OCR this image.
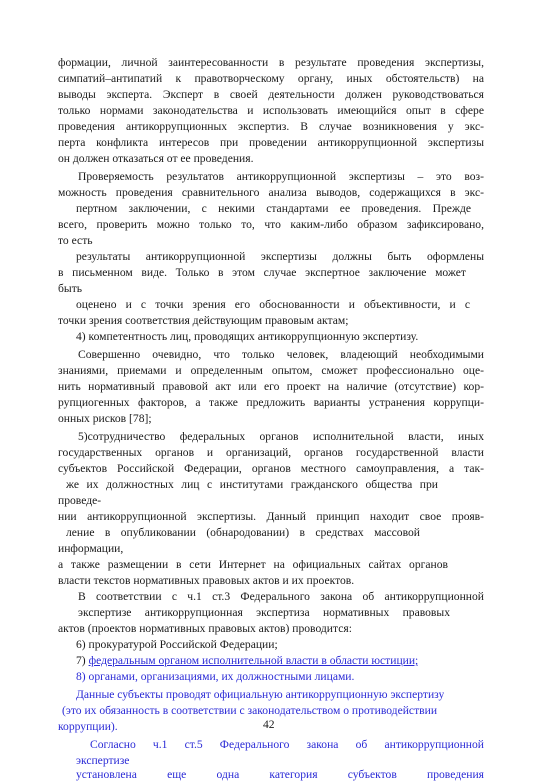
формации, личной заинтересованности в результате проведения экспертизы,
симпатий–антипатий к правотворческому органу, иных обстоятельств) на
выводы эксперта. Эксперт в своей деятельности должен руководствоваться
только нормами законодательства и использовать имеющийся опыт в сфере
проведения антикоррупционных экспертиз. В случае возникновения у экс-
перта конфликта интересов при проведении антикоррупционной экспертизы
он должен отказаться от ее проведения.
Проверяемость результатов антикоррупционной экспертизы – это воз-
можность проведения сравнительного анализа выводов, содержащихся в экс-
пертном заключении, с некими стандартами ее проведения. Прежде
всего, проверить можно только то, что каким-либо образом зафиксировано,
то есть
результаты антикоррупционной экспертизы должны быть оформлены
в письменном виде. Только в этом случае экспертное заключение может
быть
оценено и с точки зрения его обоснованности и объективности, и с
точки зрения соответствия действующим правовым актам;
4) компетентность лиц, проводящих антикоррупционную экспертизу.
Совершенно очевидно, что только человек, владеющий необходимыми
знаниями, приемами и определенным опытом, сможет профессионально оце-
нить нормативный правовой акт или его проект на наличие (отсутствие) кор-
рупциогенных факторов, а также предложить варианты устранения коррупци-
онных рисков [78];
5)сотрудничество федеральных органов исполнительной власти, иных
государственных органов и организаций, органов государственной власти
субъектов Российской Федерации, органов местного самоуправления, а так-
же их должностных лиц с институтами гражданского общества при
проведе-
нии антикоррупционной экспертизы. Данный принцип находит свое прояв-
ление в опубликовании (обнародовании) в средствах массовой
информации,
а также размещении в сети Интернет на официальных сайтах органов
власти текстов нормативных правовых актов и их проектов.
В соответствии с ч.1 ст.3 Федерального закона об антикоррупционной
экспертизе антикоррупционная экспертиза нормативных правовых
актов (проектов нормативных правовых актов) проводится:
6) прокуратурой Российской Федерации;
7) федеральным органом исполнительной власти в области юстиции;
8) органами, организациями, их должностными лицами.
Данные субъекты проводят официальную антикоррупционную экспертизу
(это их обязанность в соответствии с законодательством о противодействии
коррупции).
Согласно ч.1 ст.5 Федерального закона об антикоррупционной
экспертизе
установлена еще одна категория субъектов проведения
42
